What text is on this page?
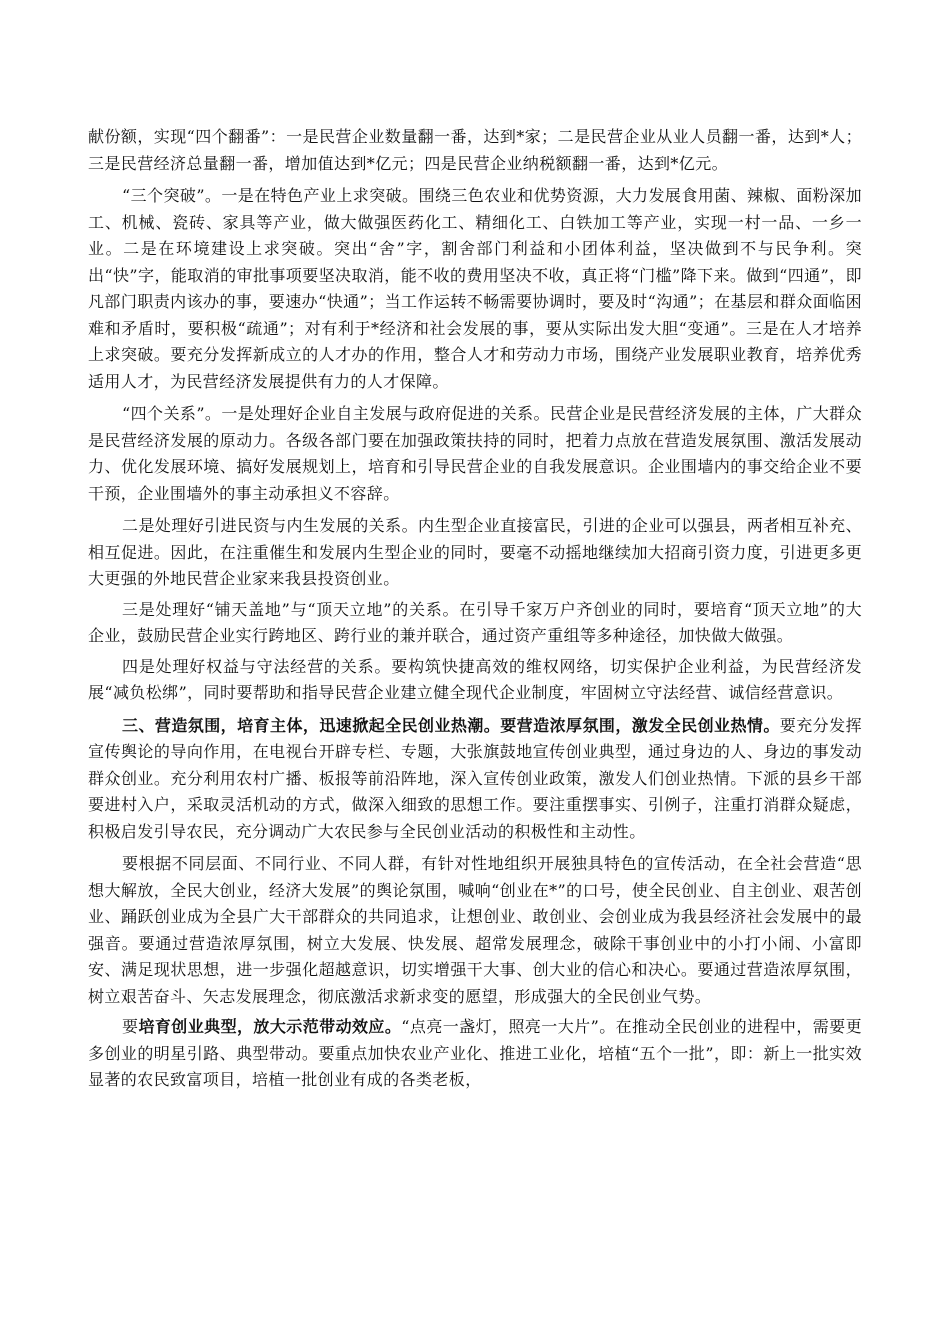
献份额，实现“四个翻番”：一是民营企业数量翻一番，达到*家；二是民营企业从业人员翻一番，达到*人；三是民营经济总量翻一番，增加值达到*亿元；四是民营企业纳税额翻一番，达到*亿元。

“三个突破”。一是在特色产业上求突破。围绕三色农业和优势资源，大力发展食用菌、辣椒、面粉深加工、机械、瓷砖、家具等产业，做大做强医药化工、精细化工、白铁加工等产业，实现一村一品、一乡一业。二是在环境建设上求突破。突出“舍”字，割舍部门利益和小团体利益，坚决做到不与民争利。突出“快”字，能取消的审批事项要坚决取消，能不收的费用坚决不收，真正将“门槛”降下来。做到“四通”，即凡部门职责内该办的事，要速办“快通”；当工作运转不畅需要协调时，要及时“沟通”；在基层和群众面临困难和矛盾时，要积极“疏通”；对有利于*经济和社会发展的事，要从实际出发大胆“变通”。三是在人才培养上求突破。要充分发挥新成立的人才办的作用，整合人才和劳动力市场，围绕产业发展职业教育，培养优秀适用人才，为民营经济发展提供有力的人才保障。

“四个关系”。一是处理好企业自主发展与政府促进的关系。民营企业是民营经济发展的主体，广大群众是民营经济发展的原动力。各级各部门要在加强政策扶持的同时，把着力点放在营造发展氛围、激活发展动力、优化发展环境、搞好发展规划上，培育和引导民营企业的自我发展意识。企业围墙内的事交给企业不要干预，企业围墙外的事主动承担义不容辞。

二是处理好引进民资与内生发展的关系。内生型企业直接富民，引进的企业可以强县，两者相互补充、相互促进。因此，在注重催生和发展内生型企业的同时，要毫不动摇地继续加大招商引资力度，引进更多更大更强的外地民营企业家来我县投资创业。

三是处理好“铺天盖地”与“顶天立地”的关系。在引导千家万户齐创业的同时，要培育“顶天立地”的大企业，鼓励民营企业实行跨地区、跨行业的兼并联合，通过资产重组等多种途径，加快做大做强。

四是处理好权益与守法经营的关系。要构筑快捷高效的维权网络，切实保护企业利益，为民营经济发展“减负松绑”，同时要帮助和指导民营企业建立健全现代企业制度，牢固树立守法经营、诚信经营意识。

三、营造氛围，培育主体，迅速掀起全民创业热潮。要营造浓厚氛围，激发全民创业热情。要充分发挥宣传舆论的导向作用，在电视台开辟专栏、专题，大张旗鼓地宣传创业典型，通过身边的人、身边的事发动群众创业。充分利用农村广播、板报等前沿阵地，深入宣传创业政策，激发人们创业热情。下派的县乡干部要进村入户，采取灵活机动的方式，做深入细致的思想工作。要注重摆事实、引例子，注重打消群众疑虑，积极启发引导农民，充分调动广大农民参与全民创业活动的积极性和主动性。

要根据不同层面、不同行业、不同人群，有针对性地组织开展独具特色的宣传活动，在全社会营造“思想大解放，全民大创业，经济大发展”的舆论氛围，喊响“创业在*”的口号，使全民创业、自主创业、艰苦创业、踊跃创业成为全县广大干部群众的共同追求，让想创业、敢创业、会创业成为我县经济社会发展中的最强音。要通过营造浓厚氛围，树立大发展、快发展、超常发展理念，破除干事创业中的小打小闹、小富即安、满足现状思想，进一步强化超越意识，切实增强干大事、创大业的信心和决心。要通过营造浓厚氛围，树立艰苦奋斗、矢志发展理念，彻底激活求新求变的愿望，形成强大的全民创业气势。

要培育创业典型，放大示范带动效应。“点亮一盏灯，照亮一大片”。在推动全民创业的进程中，需要更多创业的明星引路、典型带动。要重点加快农业产业化、推进工业化，培植“五个一批”，即：新上一批实效显著的农民致富项目，培植一批创业有成的各类老板，
